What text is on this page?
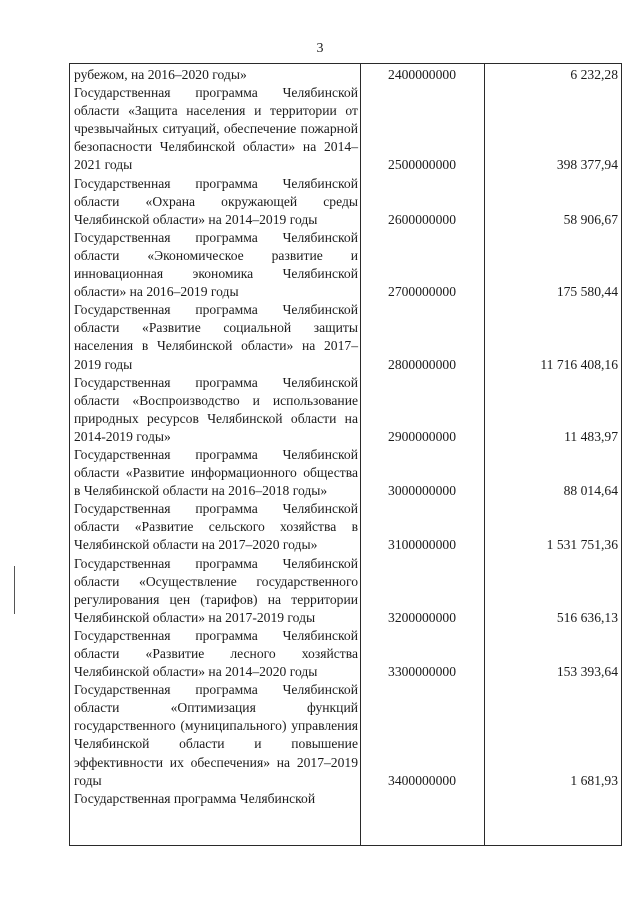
3
рубежом, на 2016–2020 годы»	2400000000	6 232,28
Государственная программа Челябинской области «Защита населения и территории от чрезвычайных ситуаций, обеспечение пожарной безопасности Челябинской области» на 2014–2021 годы	2500000000	398 377,94
Государственная программа Челябинской области «Охрана окружающей среды Челябинской области» на 2014–2019 годы	2600000000	58 906,67
Государственная программа Челябинской области «Экономическое развитие и инновационная экономика Челябинской области» на 2016–2019 годы	2700000000	175 580,44
Государственная программа Челябинской области «Развитие социальной защиты населения в Челябинской области» на 2017–2019 годы	2800000000	11 716 408,16
Государственная программа Челябинской области «Воспроизводство и использование природных ресурсов Челябинской области на 2014-2019 годы»	2900000000	11 483,97
Государственная программа Челябинской области «Развитие информационного общества в Челябинской области на 2016–2018 годы»	3000000000	88 014,64
Государственная программа Челябинской области «Развитие сельского хозяйства в Челябинской области на 2017–2020 годы»	3100000000	1 531 751,36
Государственная программа Челябинской области «Осуществление государственного регулирования цен (тарифов) на территории Челябинской области» на 2017-2019 годы	3200000000	516 636,13
Государственная программа Челябинской области «Развитие лесного хозяйства Челябинской области» на 2014–2020 годы	3300000000	153 393,64
Государственная программа Челябинской области «Оптимизация функций государственного (муниципального) управления Челябинской области и повышение эффективности их обеспечения» на 2017–2019 годы	3400000000	1 681,93
Государственная программа Челябинской
